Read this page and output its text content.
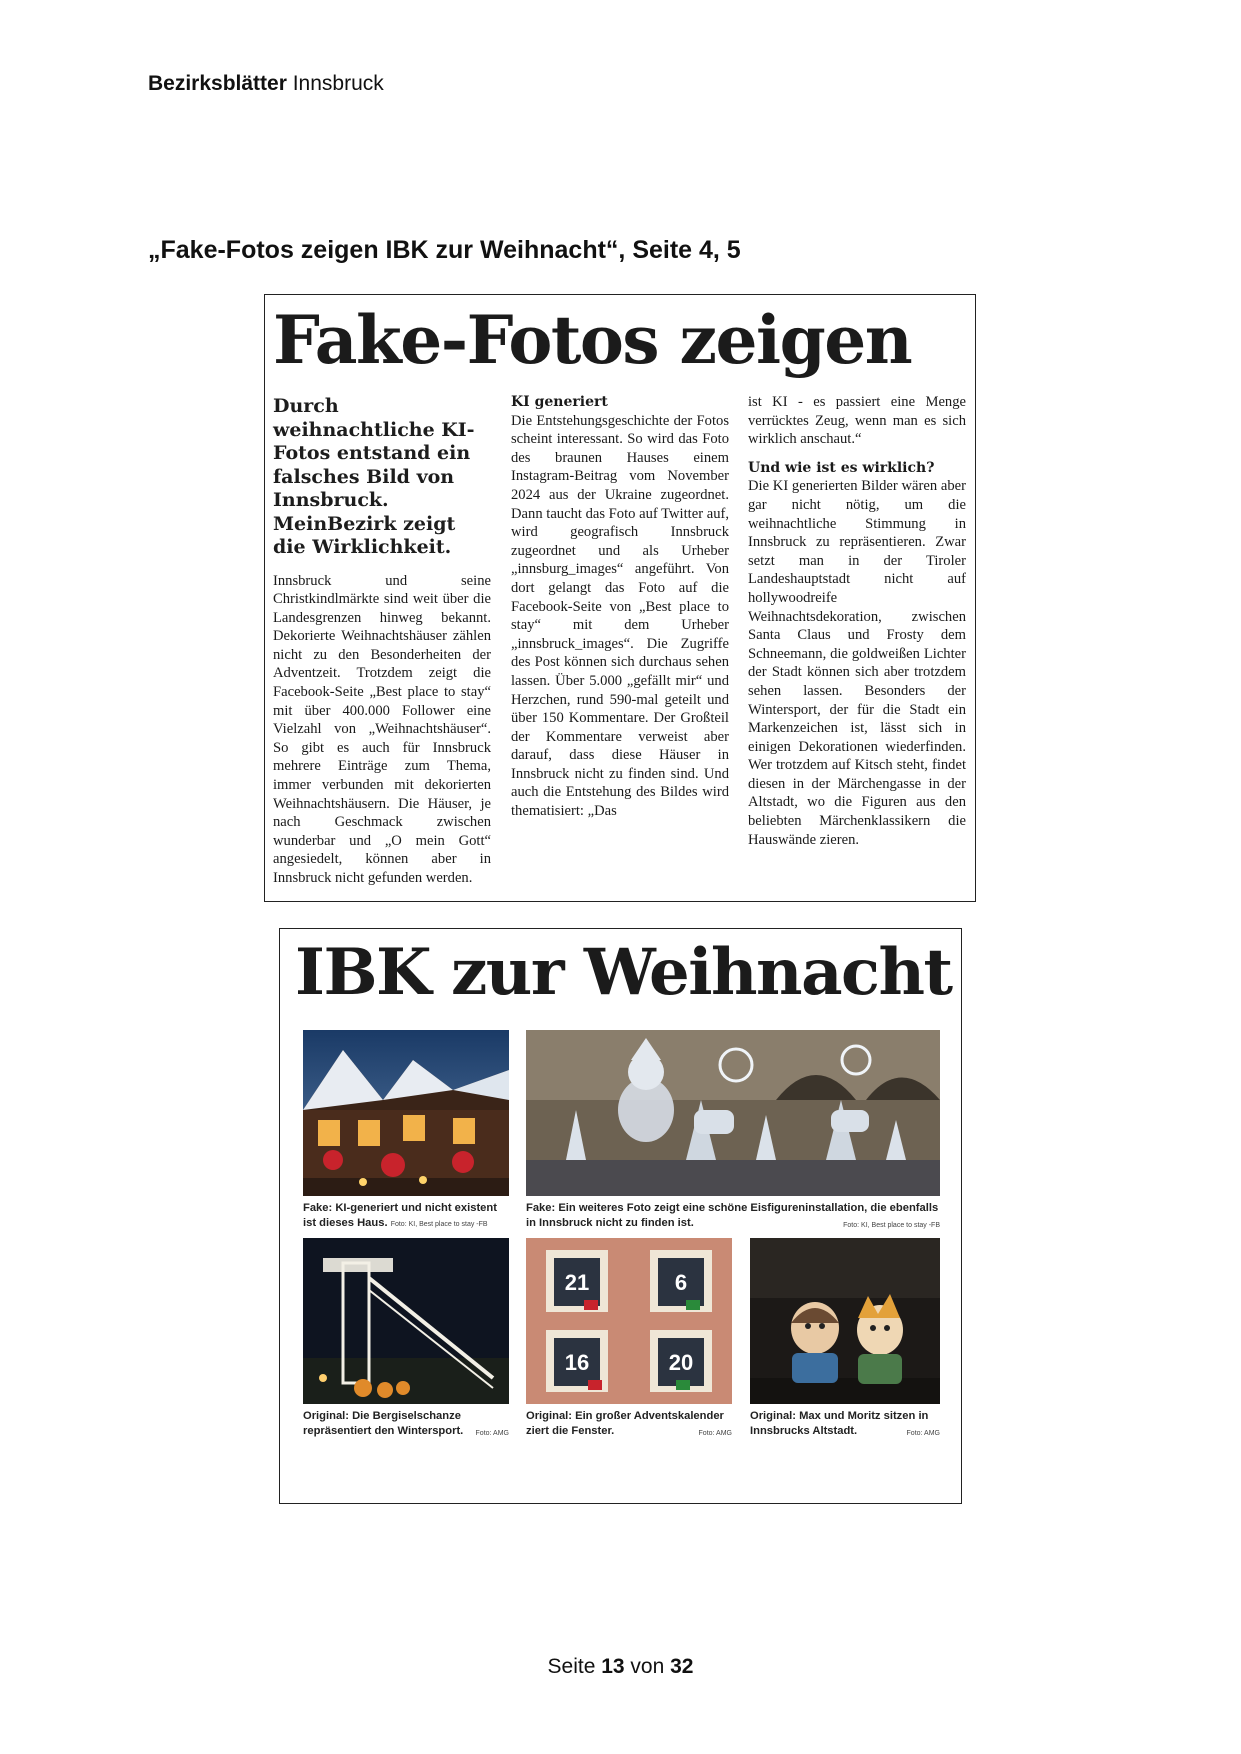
Bezirksblätter Innsbruck
„Fake-Fotos zeigen IBK zur Weihnacht“, Seite 4, 5
Fake-Fotos zeigen
Durch weihnachtliche KI- Fotos entstand ein falsches Bild von Innsbruck. MeinBezirk zeigt die Wirklichkeit.
Innsbruck und seine Christkindlmärkte sind weit über die Landesgrenzen hinweg bekannt. Dekorierte Weihnachtshäuser zählen nicht zu den Besonderheiten der Adventzeit. Trotzdem zeigt die Facebook-Seite „Best place to stay“ mit über 400.000 Follower eine Vielzahl von „Weihnachtshäuser“. So gibt es auch für Innsbruck mehrere Einträge zum Thema, immer verbunden mit dekorierten Weihnachtshäusern. Die Häuser, je nach Geschmack zwischen wunderbar und „O mein Gott“ angesiedelt, können aber in Innsbruck nicht gefunden werden.
KI generiert
Die Entstehungsgeschichte der Fotos scheint interessant. So wird das Foto des braunen Hauses einem Instagram-Beitrag vom November 2024 aus der Ukraine zugeordnet. Dann taucht das Foto auf Twitter auf, wird geografisch Innsbruck zugeordnet und als Urheber „innsburg_images“ angeführt. Von dort gelangt das Foto auf die Facebook-Seite von „Best place to stay“ mit dem Urheber „innsbruck_images“. Die Zugriffe des Post können sich durchaus sehen lassen. Über 5.000 „gefällt mir“ und Herzchen, rund 590-mal geteilt und über 150 Kommentare. Der Großteil der Kommentare verweist aber darauf, dass diese Häuser in Innsbruck nicht zu finden sind. Und auch die Entstehung des Bildes wird thematisiert: „Das
ist KI - es passiert eine Menge verrücktes Zeug, wenn man es sich wirklich anschaut.“
Und wie ist es wirklich?
Die KI generierten Bilder wären aber gar nicht nötig, um die weihnachtliche Stimmung in Innsbruck zu repräsentieren. Zwar setzt man in der Tiroler Landeshauptstadt nicht auf hollywoodreife Weihnachtsdekoration, zwischen Santa Claus und Frosty dem Schneemann, die goldweißen Lichter der Stadt können sich aber trotzdem sehen lassen. Besonders der Wintersport, der für die Stadt ein Markenzeichen ist, lässt sich in einigen Dekorationen wiederfinden. Wer trotzdem auf Kitsch steht, findet diesen in der Märchengasse in der Altstadt, wo die Figuren aus den beliebten Märchenklassikern die Hauswände zieren.
IBK zur Weihnacht
Fake: KI-generiert und nicht existent ist dieses Haus. Foto: KI, Best place to stay -FB
Fake: Ein weiteres Foto zeigt eine schöne Eisfigureninstallation, die ebenfalls in Innsbruck nicht zu finden ist.	Foto: KI, Best place to stay -FB
21	6
16	20
Original: Die Bergiselschanze repräsentiert den Wintersport. Foto: AMG
Original: Ein großer Adventskalender ziert die Fenster.	Foto: AMG
Original: Max und Moritz sitzen in Innsbrucks Altstadt.	Foto: AMG
Seite 13 von 32
